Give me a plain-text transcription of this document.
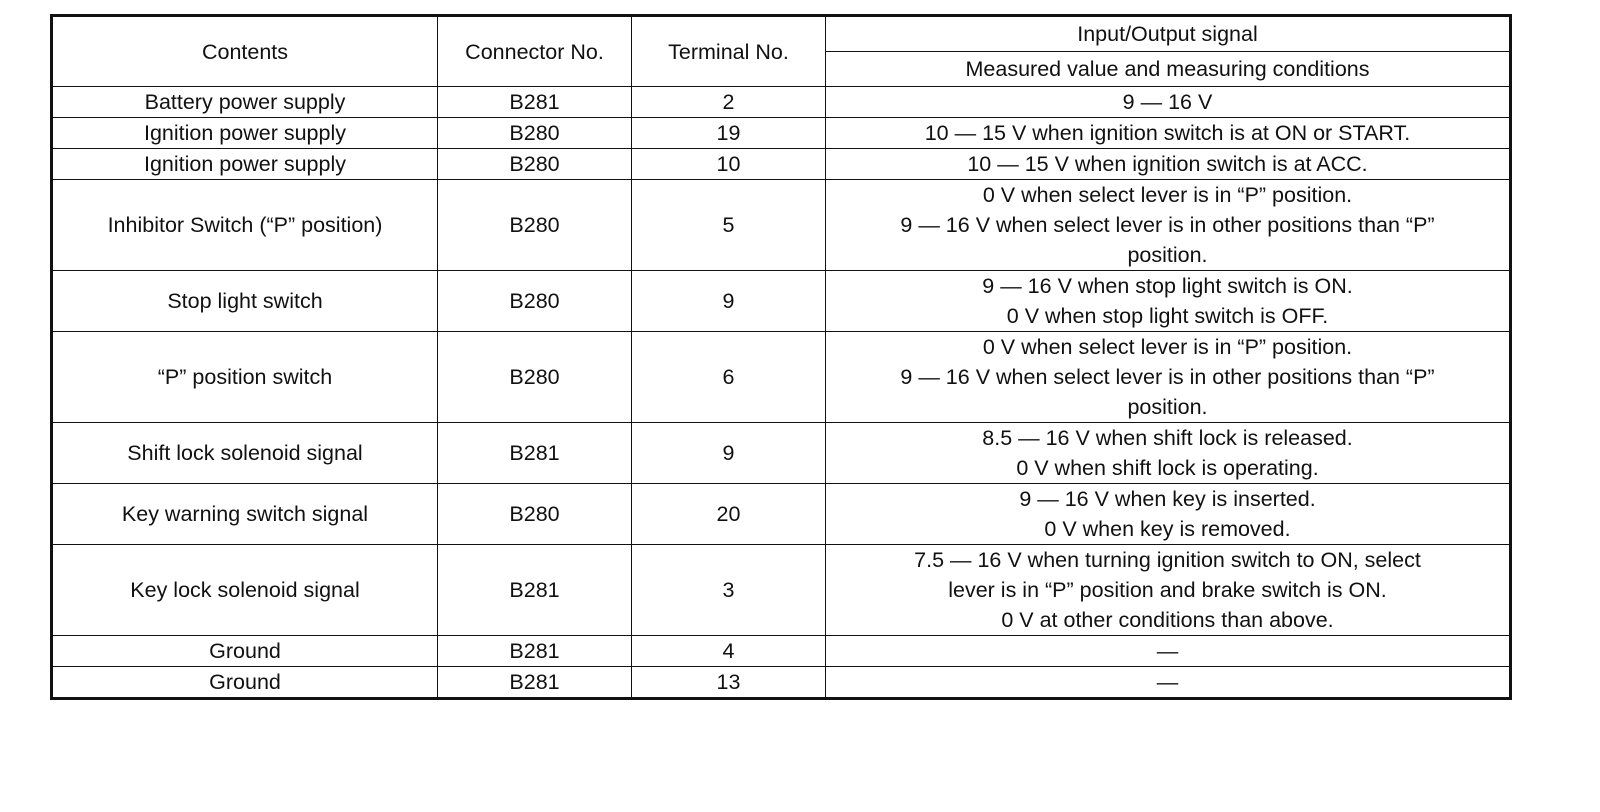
Contents	Connector No.	Terminal No.	Input/Output signal
			Measured value and measuring conditions
Battery power supply	B281	2	9 — 16 V

Ignition power supply	B280	19	10 — 15 V when ignition switch is at ON or START.

Ignition power supply	B280	10	10 — 15 V when ignition switch is at ACC.

Inhibitor Switch (“P” position)	B280	5	0 V when select lever is in “P” position.
9 — 16 V when select lever is in other positions than “P”
position.

Stop light switch	B280	9	9 — 16 V when stop light switch is ON.
0 V when stop light switch is OFF.

“P” position switch	B280	6	0 V when select lever is in “P” position.
9 — 16 V when select lever is in other positions than “P”
position.

Shift lock solenoid signal	B281	9	8.5 — 16 V when shift lock is released.
0 V when shift lock is operating.

Key warning switch signal	B280	20	9 — 16 V when key is inserted.
0 V when key is removed.

Key lock solenoid signal	B281	3	7.5 — 16 V when turning ignition switch to ON, select
lever is in “P” position and brake switch is ON.
0 V at other conditions than above.

Ground	B281	4	—

Ground	B281	13	—
